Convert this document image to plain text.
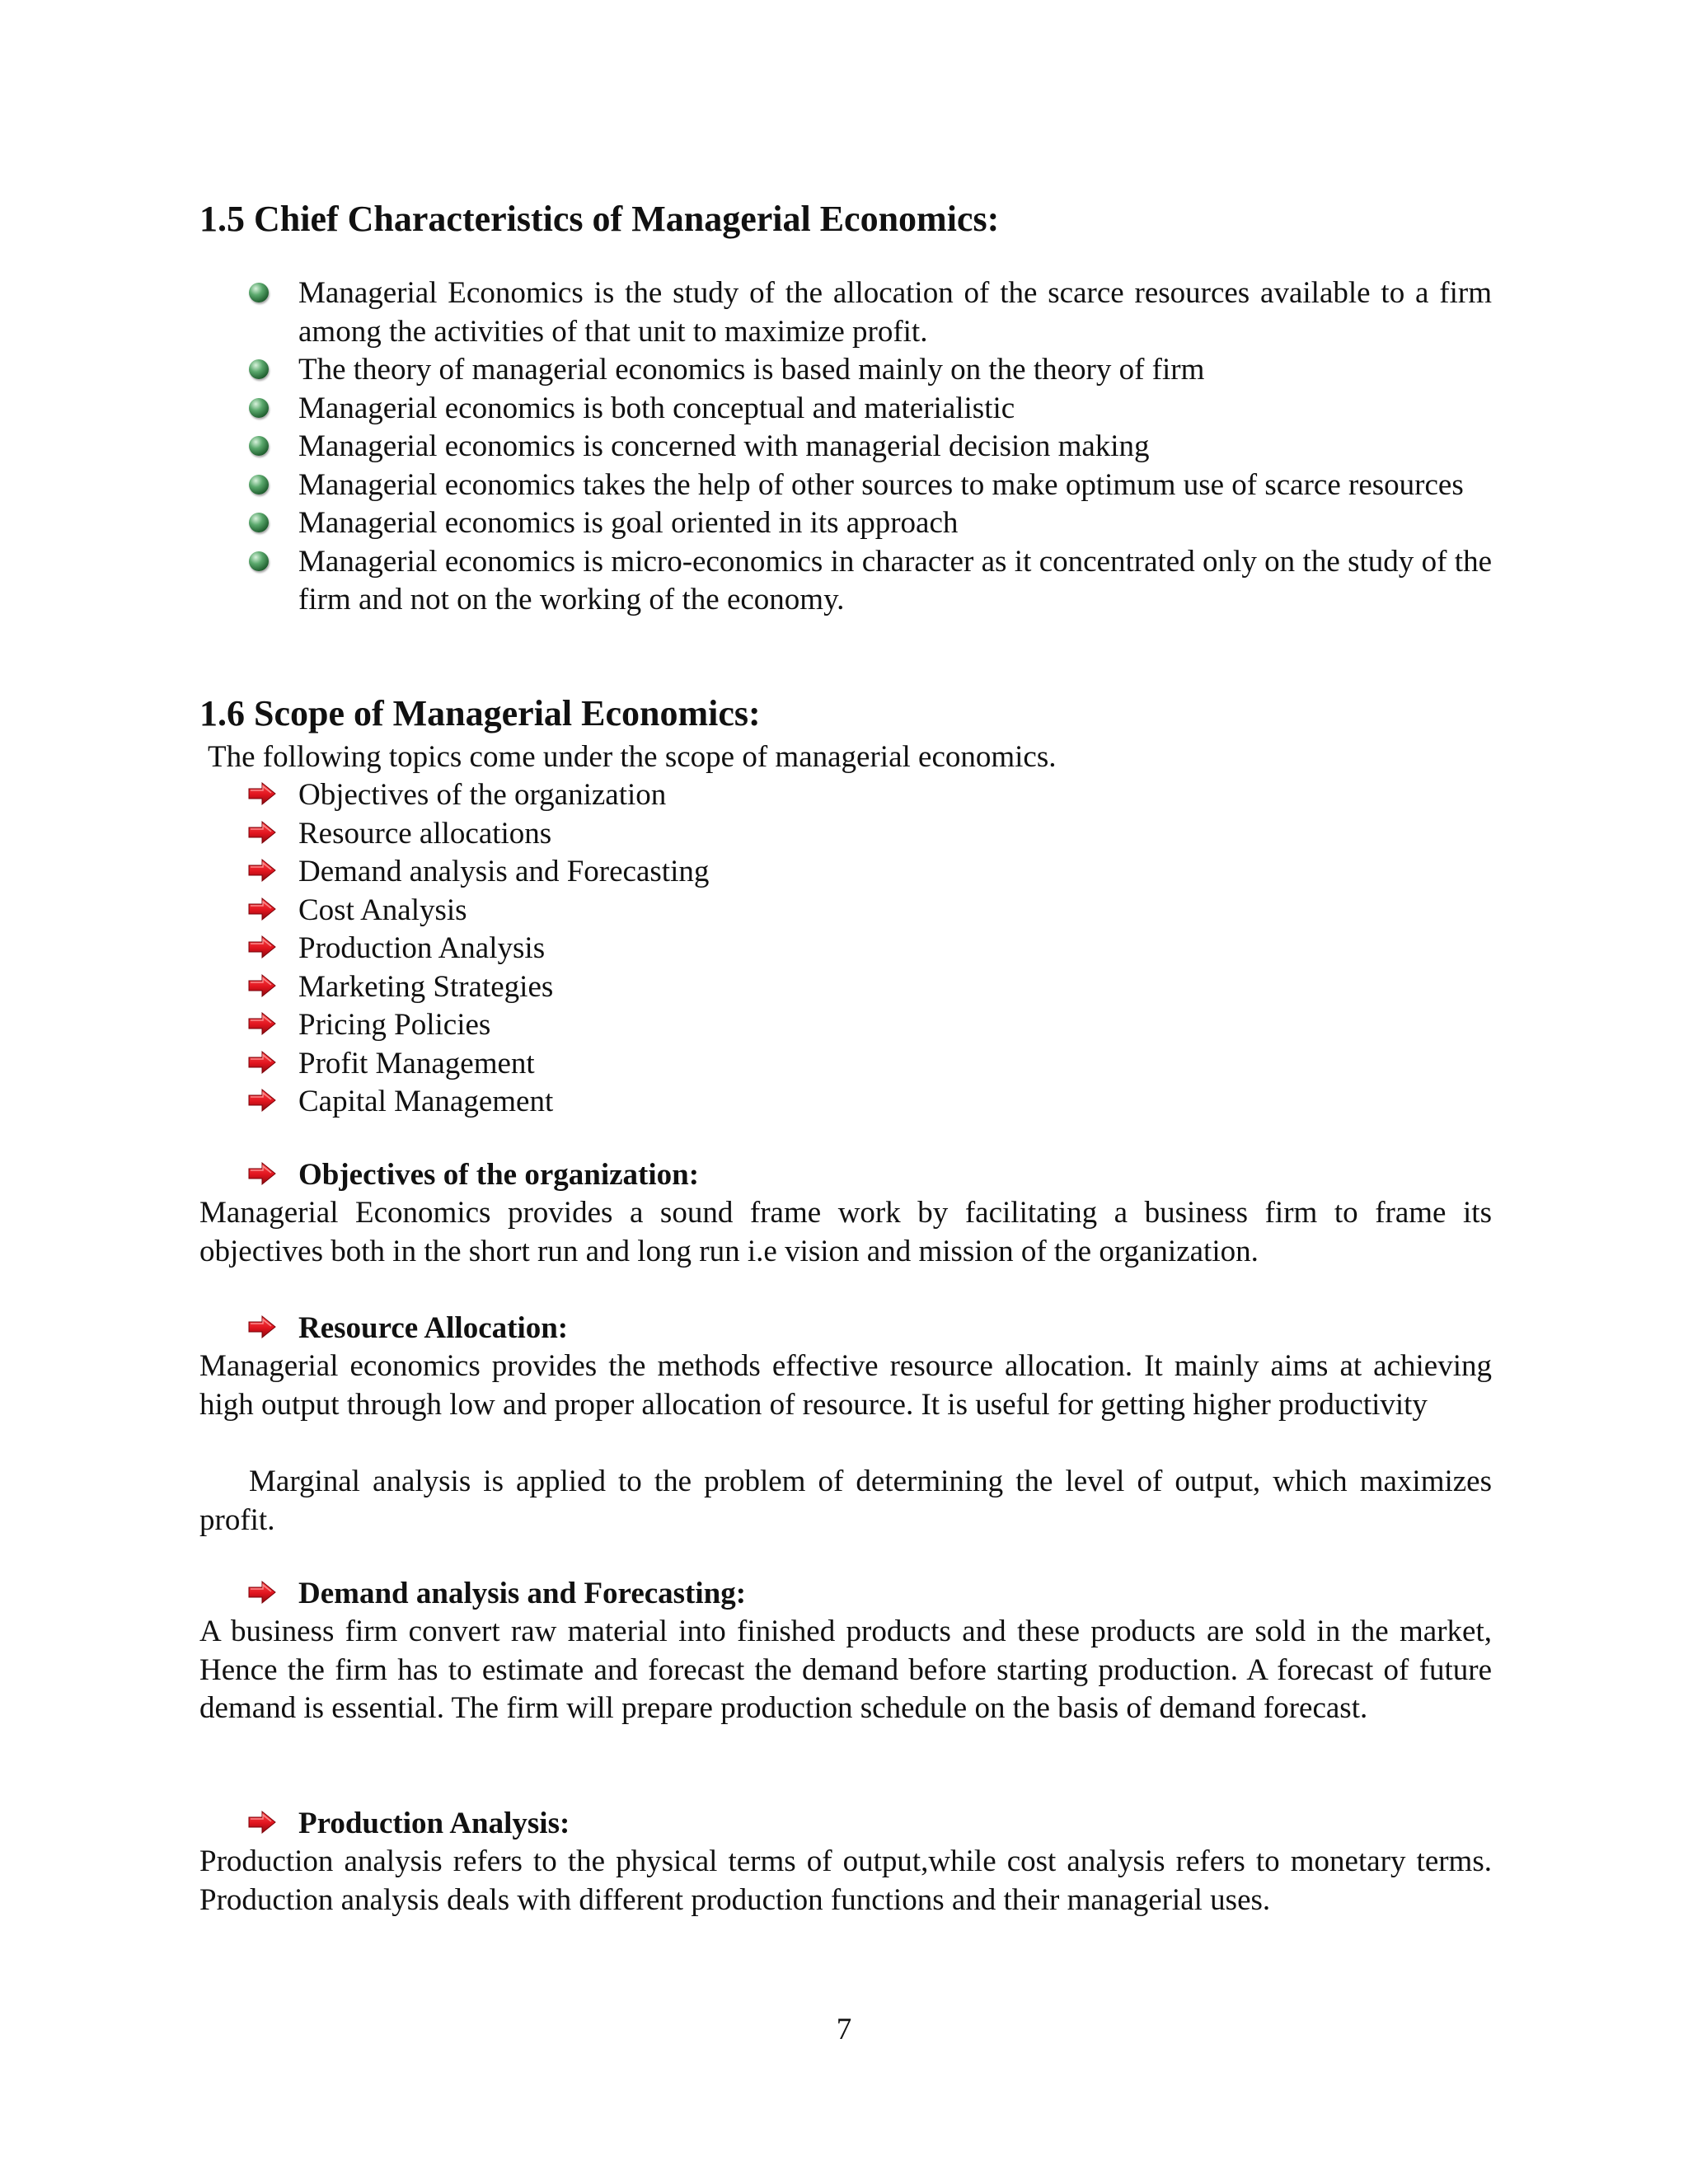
1.5 Chief Characteristics of Managerial Economics:
Managerial Economics is the study of the allocation of the scarce resources available to a firm among the activities of that unit to maximize profit.
The theory of managerial economics is based mainly on the theory of firm
Managerial economics is both conceptual and materialistic
Managerial economics is concerned with managerial decision making
Managerial economics takes the help of other sources to make optimum use of scarce resources
Managerial economics is goal oriented in its approach
Managerial economics is micro-economics in character as it concentrated only on the study of the firm and not on the working of the economy.
1.6 Scope of Managerial Economics:
The following topics come under the scope of managerial economics.
Objectives of the organization
Resource allocations
Demand analysis and Forecasting
Cost Analysis
Production Analysis
Marketing Strategies
Pricing Policies
Profit Management
Capital Management
Objectives of the organization:
Managerial Economics provides a sound frame work by facilitating a business firm to frame its objectives both in the short run and long run i.e vision and mission of the organization.
Resource Allocation:
Managerial economics provides the methods effective resource allocation. It mainly aims at achieving high output through low and proper allocation of resource. It is useful for getting higher productivity
Marginal analysis is applied to the problem of determining the level of output, which maximizes profit.
Demand analysis and Forecasting:
A business firm convert raw material into finished products and these products are sold in the market, Hence the firm has to estimate and forecast the demand before starting production. A forecast of future demand is essential. The firm will prepare production schedule on the basis of demand forecast.
Production Analysis:
Production analysis refers to the physical terms of output,while cost analysis refers to monetary terms. Production analysis deals with different production functions and their managerial uses.
7
